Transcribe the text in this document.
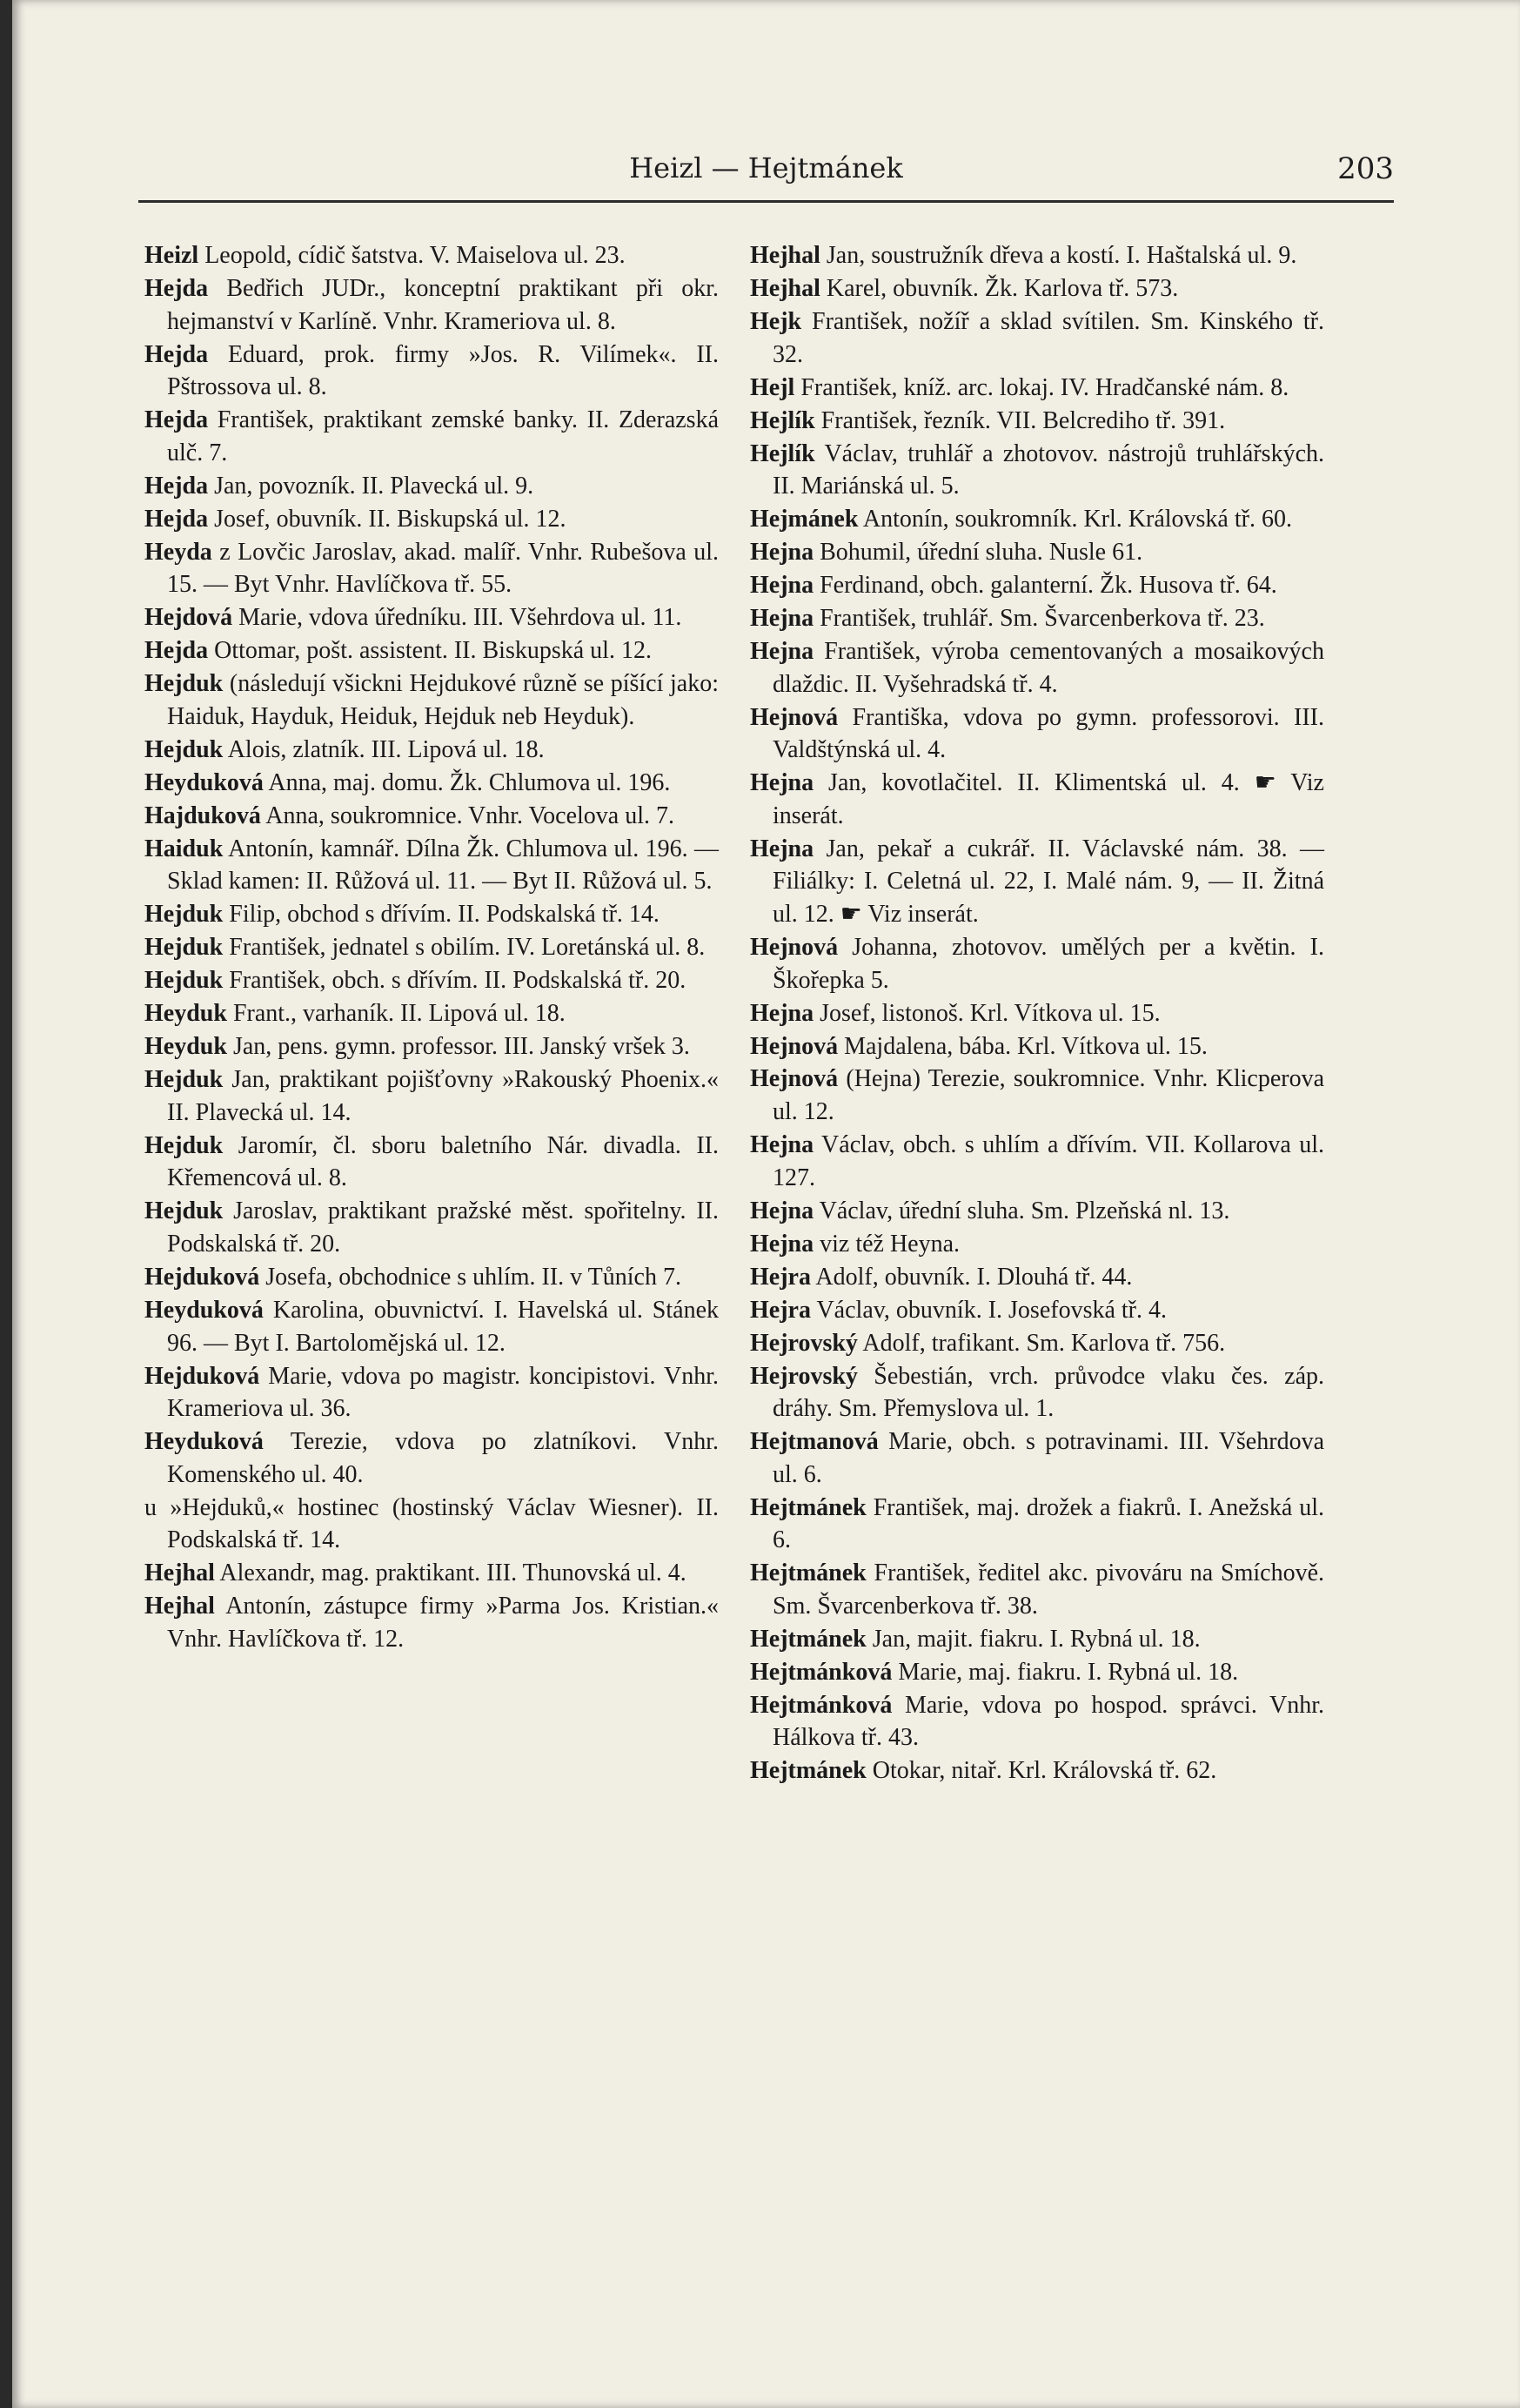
Heizl — Hejtmánek	203
Heizl Leopold, cídič šatstva. V. Maiselova ul. 23.
Hejda Bedřich JUDr., konceptní praktikant při okr. hejmanství v Karlíně. Vnhr. Krameriova ul. 8.
Hejda Eduard, prok. firmy »Jos. R. Vilímek«. II. Pštrossova ul. 8.
Hejda František, praktikant zemské banky. II. Zderazská ulč. 7.
Hejda Jan, povozník. II. Plavecká ul. 9.
Hejda Josef, obuvník. II. Biskupská ul. 12.
Heyda z Lovčic Jaroslav, akad. malíř. Vnhr. Rubešova ul. 15. — Byt Vnhr. Havlíčkova tř. 55.
Hejdová Marie, vdova úředníku. III. Všehrdova ul. 11.
Hejda Ottomar, pošt. assistent. II. Biskupská ul. 12.
Hejduk (následují všickni Hejdukové různě se píšící jako: Haiduk, Hayduk, Heiduk, Hejduk neb Heyduk).
Hejduk Alois, zlatník. III. Lipová ul. 18.
Heyduková Anna, maj. domu. Žk. Chlumova ul. 196.
Hajduková Anna, soukromnice. Vnhr. Vocelova ul. 7.
Haiduk Antonín, kamnář. Dílna Žk. Chlumova ul. 196. — Sklad kamen: II. Růžová ul. 11. — Byt II. Růžová ul. 5.
Hejduk Filip, obchod s dřívím. II. Podskalská tř. 14.
Hejduk František, jednatel s obilím. IV. Loretánská ul. 8.
Hejduk František, obch. s dřívím. II. Podskalská tř. 20.
Heyduk Frant., varhaník. II. Lipová ul. 18.
Heyduk Jan, pens. gymn. professor. III. Janský vršek 3.
Hejduk Jan, praktikant pojišťovny »Rakouský Phoenix.« II. Plavecká ul. 14.
Hejduk Jaromír, čl. sboru baletního Nár. divadla. II. Křemencová ul. 8.
Hejduk Jaroslav, praktikant pražské měst. spořitelny. II. Podskalská tř. 20.
Hejduková Josefa, obchodnice s uhlím. II. v Tůních 7.
Heyduková Karolina, obuvnictví. I. Havelská ul. Stánek 96. — Byt I. Bartolomějská ul. 12.
Hejduková Marie, vdova po magistr. koncipistovi. Vnhr. Krameriova ul. 36.
Heyduková Terezie, vdova po zlatníkovi. Vnhr. Komenského ul. 40.
u »Hejduků,« hostinec (hostinský Václav Wiesner). II. Podskalská tř. 14.
Hejhal Alexandr, mag. praktikant. III. Thunovská ul. 4.
Hejhal Antonín, zástupce firmy »Parma Jos. Kristian.« Vnhr. Havlíčkova tř. 12.
Hejhal Jan, soustružník dřeva a kostí. I. Haštalská ul. 9.
Hejhal Karel, obuvník. Žk. Karlova tř. 573.
Hejk František, nožíř a sklad svítilen. Sm. Kinského tř. 32.
Hejl František, kníž. arc. lokaj. IV. Hradčanské nám. 8.
Hejlík František, řezník. VII. Belcrediho tř. 391.
Hejlík Václav, truhlář a zhotovov. nástrojů truhlářských. II. Mariánská ul. 5.
Hejmánek Antonín, soukromník. Krl. Královská tř. 60.
Hejna Bohumil, úřední sluha. Nusle 61.
Hejna Ferdinand, obch. galanterní. Žk. Husova tř. 64.
Hejna František, truhlář. Sm. Švarcenberkova tř. 23.
Hejna František, výroba cementovaných a mosaikových dlaždic. II. Vyšehradská tř. 4.
Hejnová Františka, vdova po gymn. professorovi. III. Valdštýnská ul. 4.
Hejna Jan, kovotlačitel. II. Klimentská ul. 4. ☛ Viz inserát.
Hejna Jan, pekař a cukrář. II. Václavské nám. 38. — Filiálky: I. Celetná ul. 22, I. Malé nám. 9, — II. Žitná ul. 12. ☛ Viz inserát.
Hejnová Johanna, zhotovov. umělých per a květin. I. Škořepka 5.
Hejna Josef, listonoš. Krl. Vítkova ul. 15.
Hejnová Majdalena, bába. Krl. Vítkova ul. 15.
Hejnová (Hejna) Terezie, soukromnice. Vnhr. Klicperova ul. 12.
Hejna Václav, obch. s uhlím a dřívím. VII. Kollarova ul. 127.
Hejna Václav, úřední sluha. Sm. Plzeňská nl. 13.
Hejna viz též Heyna.
Hejra Adolf, obuvník. I. Dlouhá tř. 44.
Hejra Václav, obuvník. I. Josefovská tř. 4.
Hejrovský Adolf, trafikant. Sm. Karlova tř. 756.
Hejrovský Šebestián, vrch. průvodce vlaku čes. záp. dráhy. Sm. Přemyslova ul. 1.
Hejtmanová Marie, obch. s potravinami. III. Všehrdova ul. 6.
Hejtmánek František, maj. drožek a fiakrů. I. Anežská ul. 6.
Hejtmánek František, ředitel akc. pivováru na Smíchově. Sm. Švarcenberkova tř. 38.
Hejtmánek Jan, majit. fiakru. I. Rybná ul. 18.
Hejtmánková Marie, maj. fiakru. I. Rybná ul. 18.
Hejtmánková Marie, vdova po hospod. správci. Vnhr. Hálkova tř. 43.
Hejtmánek Otokar, nitař. Krl. Královská tř. 62.
